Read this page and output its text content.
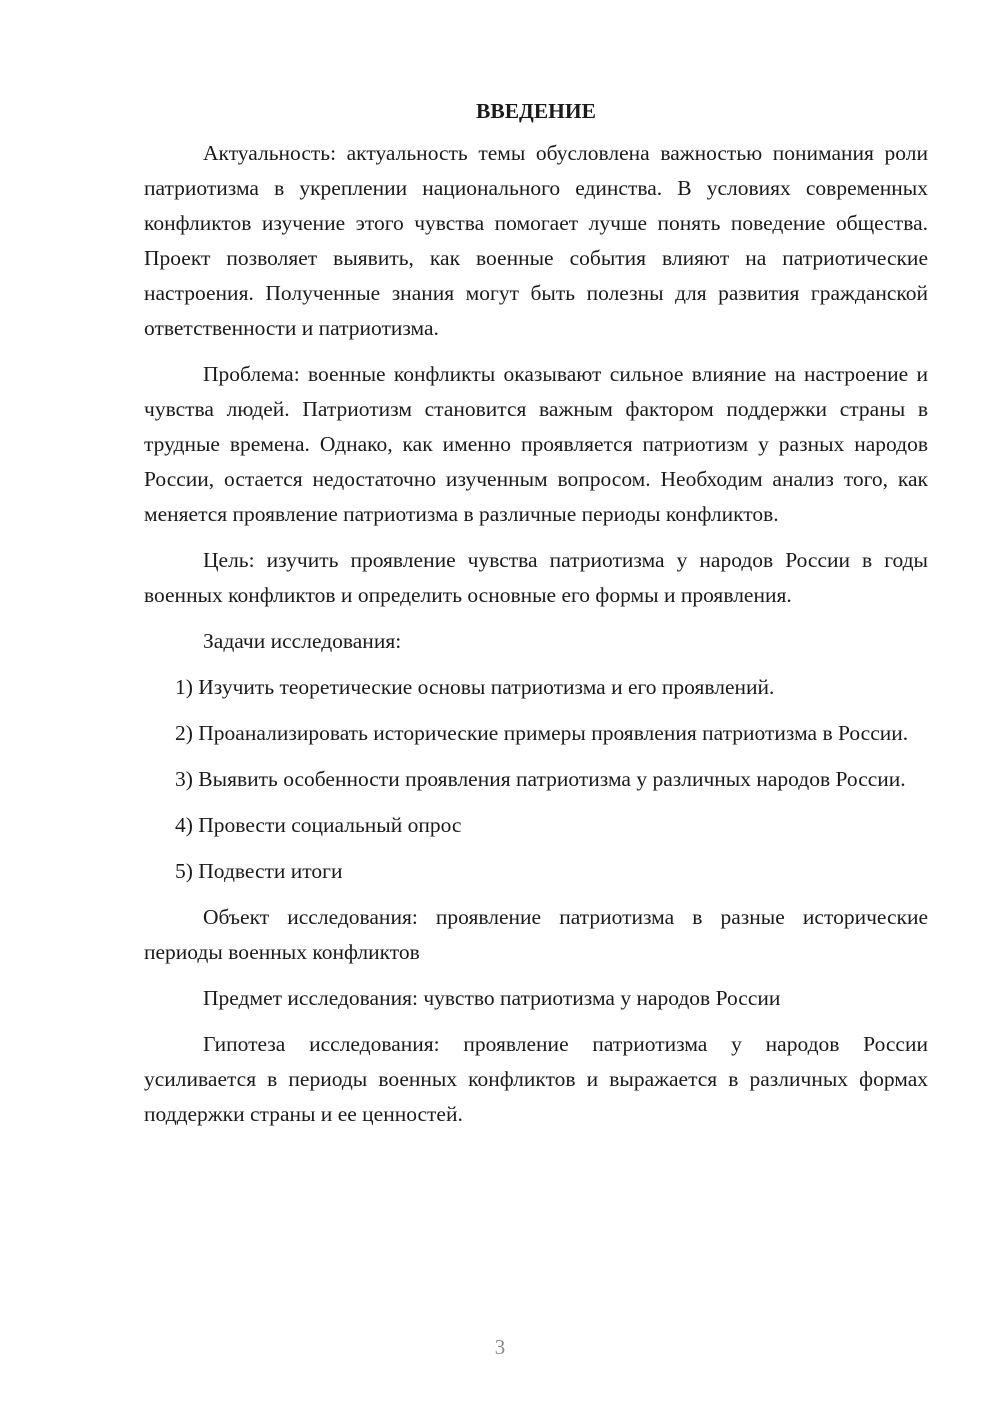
ВВЕДЕНИЕ

Актуальность: актуальность темы обусловлена важностью понимания роли патриотизма в укреплении национального единства. В условиях современных конфликтов изучение этого чувства помогает лучше понять поведение общества. Проект позволяет выявить, как военные события влияют на патриотические настроения. Полученные знания могут быть полезны для развития гражданской ответственности и патриотизма.

Проблема: военные конфликты оказывают сильное влияние на настроение и чувства людей. Патриотизм становится важным фактором поддержки страны в трудные времена. Однако, как именно проявляется патриотизм у разных народов России, остается недостаточно изученным вопросом. Необходим анализ того, как меняется проявление патриотизма в различные периоды конфликтов.

Цель: изучить проявление чувства патриотизма у народов России в годы военных конфликтов и определить основные его формы и проявления.

Задачи исследования:

1) Изучить теоретические основы патриотизма и его проявлений.

2) Проанализировать исторические примеры проявления патриотизма в России.

3) Выявить особенности проявления патриотизма у различных народов России.

4) Провести социальный опрос

5) Подвести итоги

Объект исследования: проявление патриотизма в разные исторические периоды военных конфликтов

Предмет исследования: чувство патриотизма у народов России

Гипотеза исследования: проявление патриотизма у народов России усиливается в периоды военных конфликтов и выражается в различных формах поддержки страны и ее ценностей.

3
